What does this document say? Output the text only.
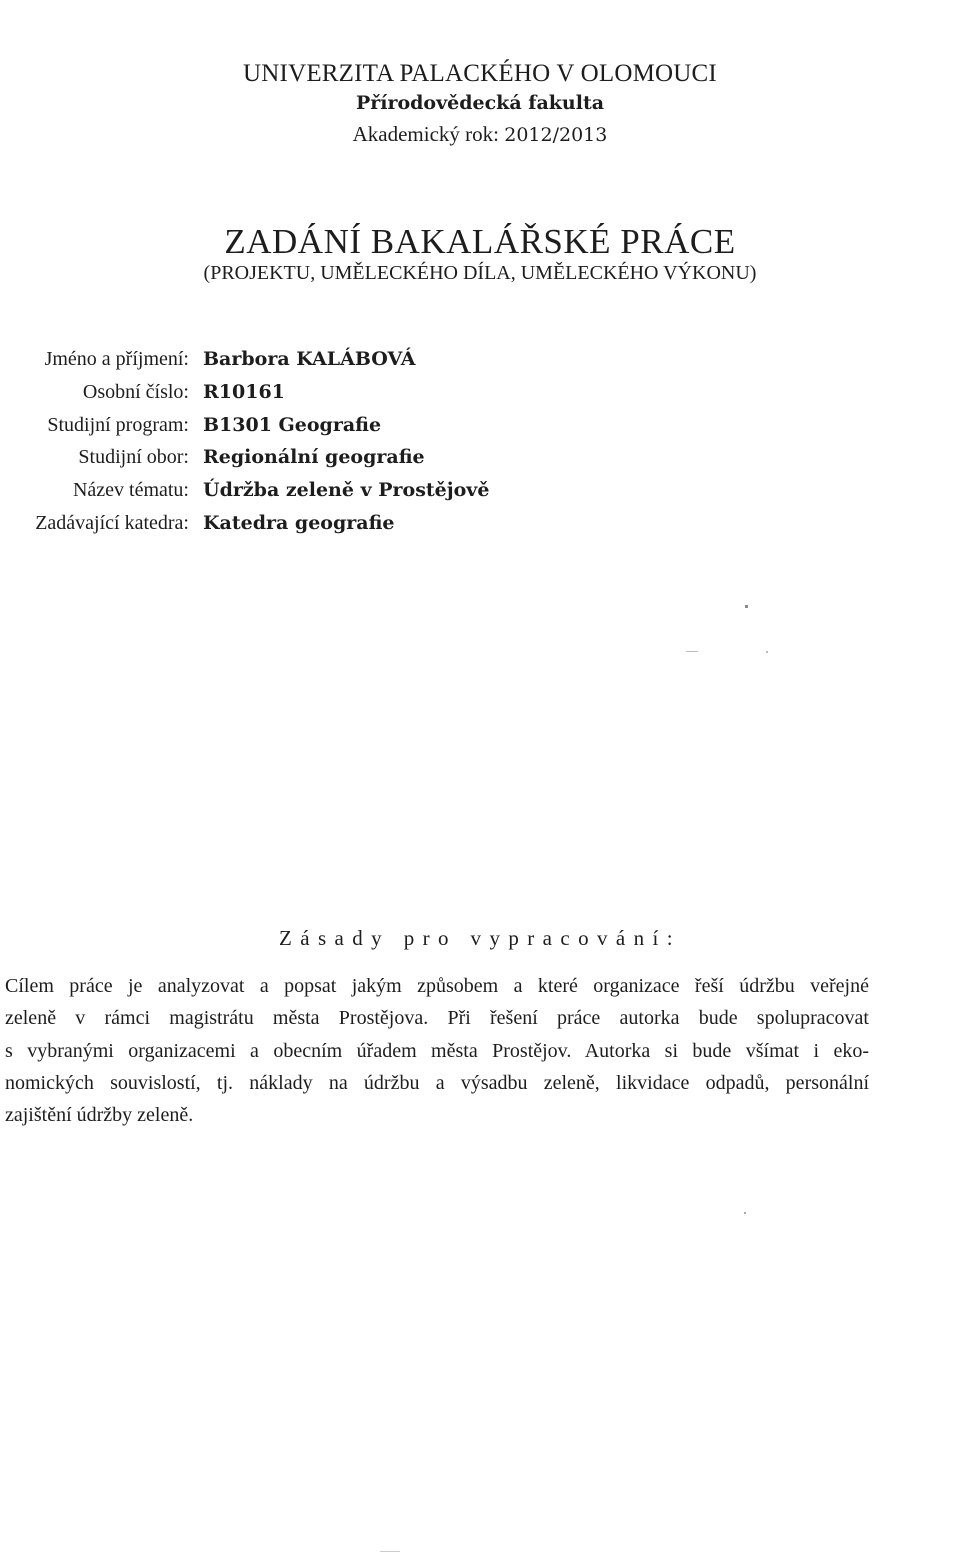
UNIVERZITA PALACKÉHO V OLOMOUCI
Přírodovědecká fakulta
Akademický rok: 2012/2013
ZADÁNÍ BAKALÁŘSKÉ PRÁCE
(PROJEKTU, UMĚLECKÉHO DÍLA, UMĚLECKÉHO VÝKONU)
Jméno a příjmení: Barbora KALÁBOVÁ
Osobní číslo: R10161
Studijní program: B1301 Geografie
Studijní obor: Regionální geografie
Název tématu: Údržba zeleně v Prostějově
Zadávající katedra: Katedra geografie
Zásady pro vypracování:
Cílem práce je analyzovat a popsat jakým způsobem a které organizace řeší údržbu veřejné
zeleně v rámci magistrátu města Prostějova. Při řešení práce autorka bude spolupracovat
s vybranými organizacemi a obecním úřadem města Prostějov. Autorka si bude všímat i eko-
nomických souvislostí, tj. náklady na údržbu a výsadbu zeleně, likvidace odpadů, personální
zajištění údržby zeleně.
